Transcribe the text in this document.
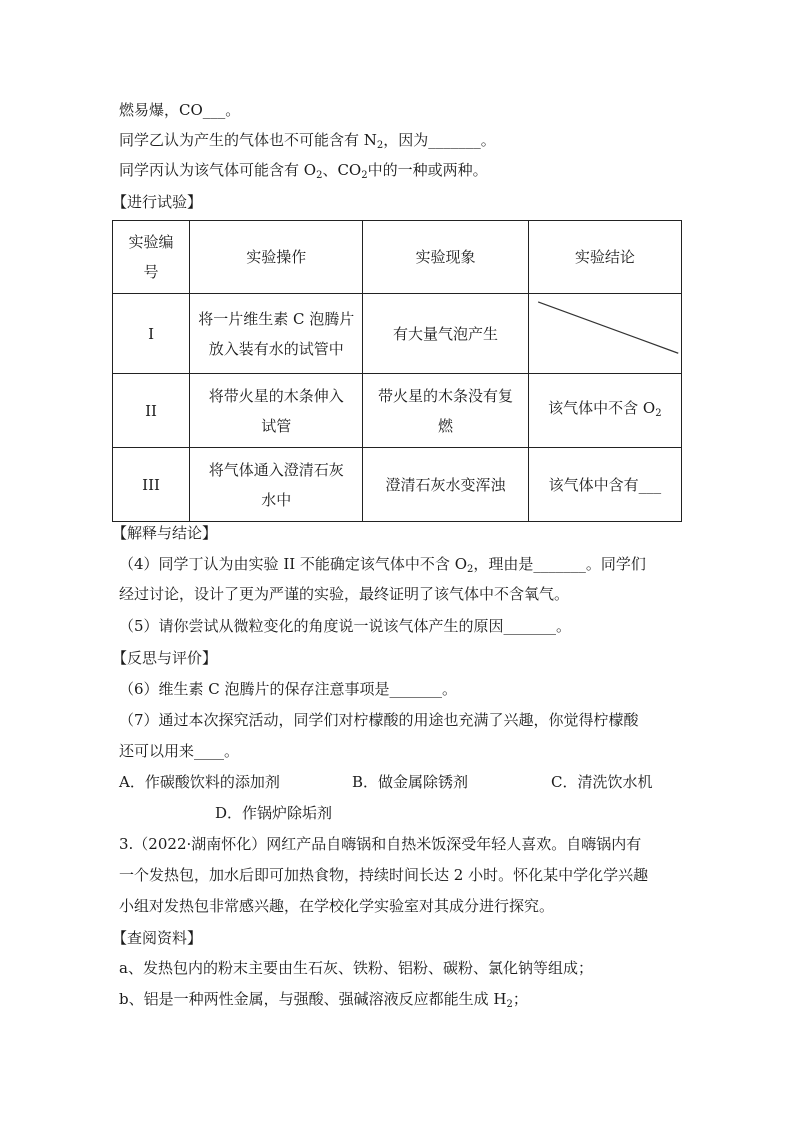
燃易爆，CO___。
同学乙认为产生的气体也不可能含有 $N_2$，因为_______。
同学丙认为该气体可能含有 $O_2$、$CO_2$中的一种或两种。
【进行试验】
实验编
号	实验操作	实验现象	实验结论
I	将一片维生素 C 泡腾片
放入装有水的试管中	有大量气泡产生	

II	将带火星的木条伸入
试管	带火星的木条没有复
燃	该气体中不含 $O_2$
III	将气体通入澄清石灰
水中	澄清石灰水变浑浊	该气体中含有___
【解释与结论】
（4）同学丁认为由实验 II 不能确定该气体中不含 $O_2$，理由是_______。同学们
经过讨论，设计了更为严谨的实验，最终证明了该气体中不含氧气。
（5）请你尝试从微粒变化的角度说一说该气体产生的原因_______。
【反思与评价】
（6）维生素 C 泡腾片的保存注意事项是_______。
（7）通过本次探究活动，同学们对柠檬酸的用途也充满了兴趣，你觉得柠檬酸
还可以用来____。
A．作碳酸饮料的添加剂	B．做金属除锈剂	C．清洗饮水机
D．作锅炉除垢剂
3.（2022·湖南怀化）网红产品自嗨锅和自热米饭深受年轻人喜欢。自嗨锅内有
一个发热包，加水后即可加热食物，持续时间长达 2 小时。怀化某中学化学兴趣
小组对发热包非常感兴趣，在学校化学实验室对其成分进行探究。
【查阅资料】
a、发热包内的粉末主要由生石灰、铁粉、铝粉、碳粉、氯化钠等组成；
b、铝是一种两性金属，与强酸、强碱溶液反应都能生成 $H_2$；
